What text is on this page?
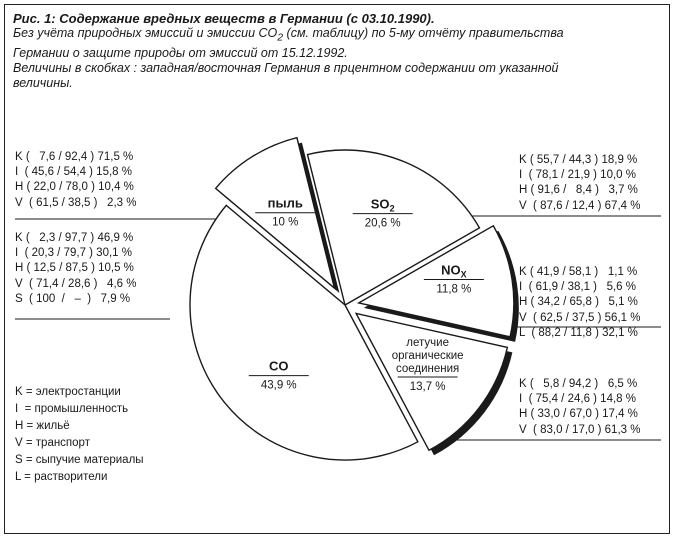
Рис. 1: Содержание вредных веществ в Германии (с 03.10.1990).
Без учёта природных эмиссий и эмиссии $CO_2$ (см. таблицу) по 5-му отчёту правительства
Германии о защите природы от эмиссий от 15.12.1992.
Величины в скобках : западная/восточная Германия в прцентном содержании от указанной
величины.
$SO_2$
20,6 %
$NO_X$
11,8 %
летучие органические соединения
13,7 %
CO
43,9 %
пыль
10 %
K (   7,6 / 92,4 ) 71,5 %
I  ( 45,6 / 54,4 ) 15,8 %
H ( 22,0 / 78,0 ) 10,4 %
V  ( 61,5 / 38,5 )   2,3 %
K (   2,3 / 97,7 ) 46,9 %
I  ( 20,3 / 79,7 ) 30,1 %
H ( 12,5 / 87,5 ) 10,5 %
V  ( 71,4 / 28,6 )   4,6 %
S  ( 100  /   –  )   7,9 %
K ( 55,7 / 44,3 ) 18,9 %
I  ( 78,1 / 21,9 ) 10,0 %
H ( 91,6 /   8,4 )   3,7 %
V  ( 87,6 / 12,4 ) 67,4 %
K ( 41,9 / 58,1 )   1,1 %
I  ( 61,9 / 38,1 )   5,6 %
H ( 34,2 / 65,8 )   5,1 %
V  ( 62,5 / 37,5 ) 56,1 %
L  ( 88,2 / 11,8 ) 32,1 %
K (   5,8 / 94,2 )   6,5 %
I  ( 75,4 / 24,6 ) 14,8 %
H ( 33,0 / 67,0 ) 17,4 %
V  ( 83,0 / 17,0 ) 61,3 %
K = электростанции
I  = промышленность
H = жильё
V = транспорт
S = сыпучие материалы
L = растворители
